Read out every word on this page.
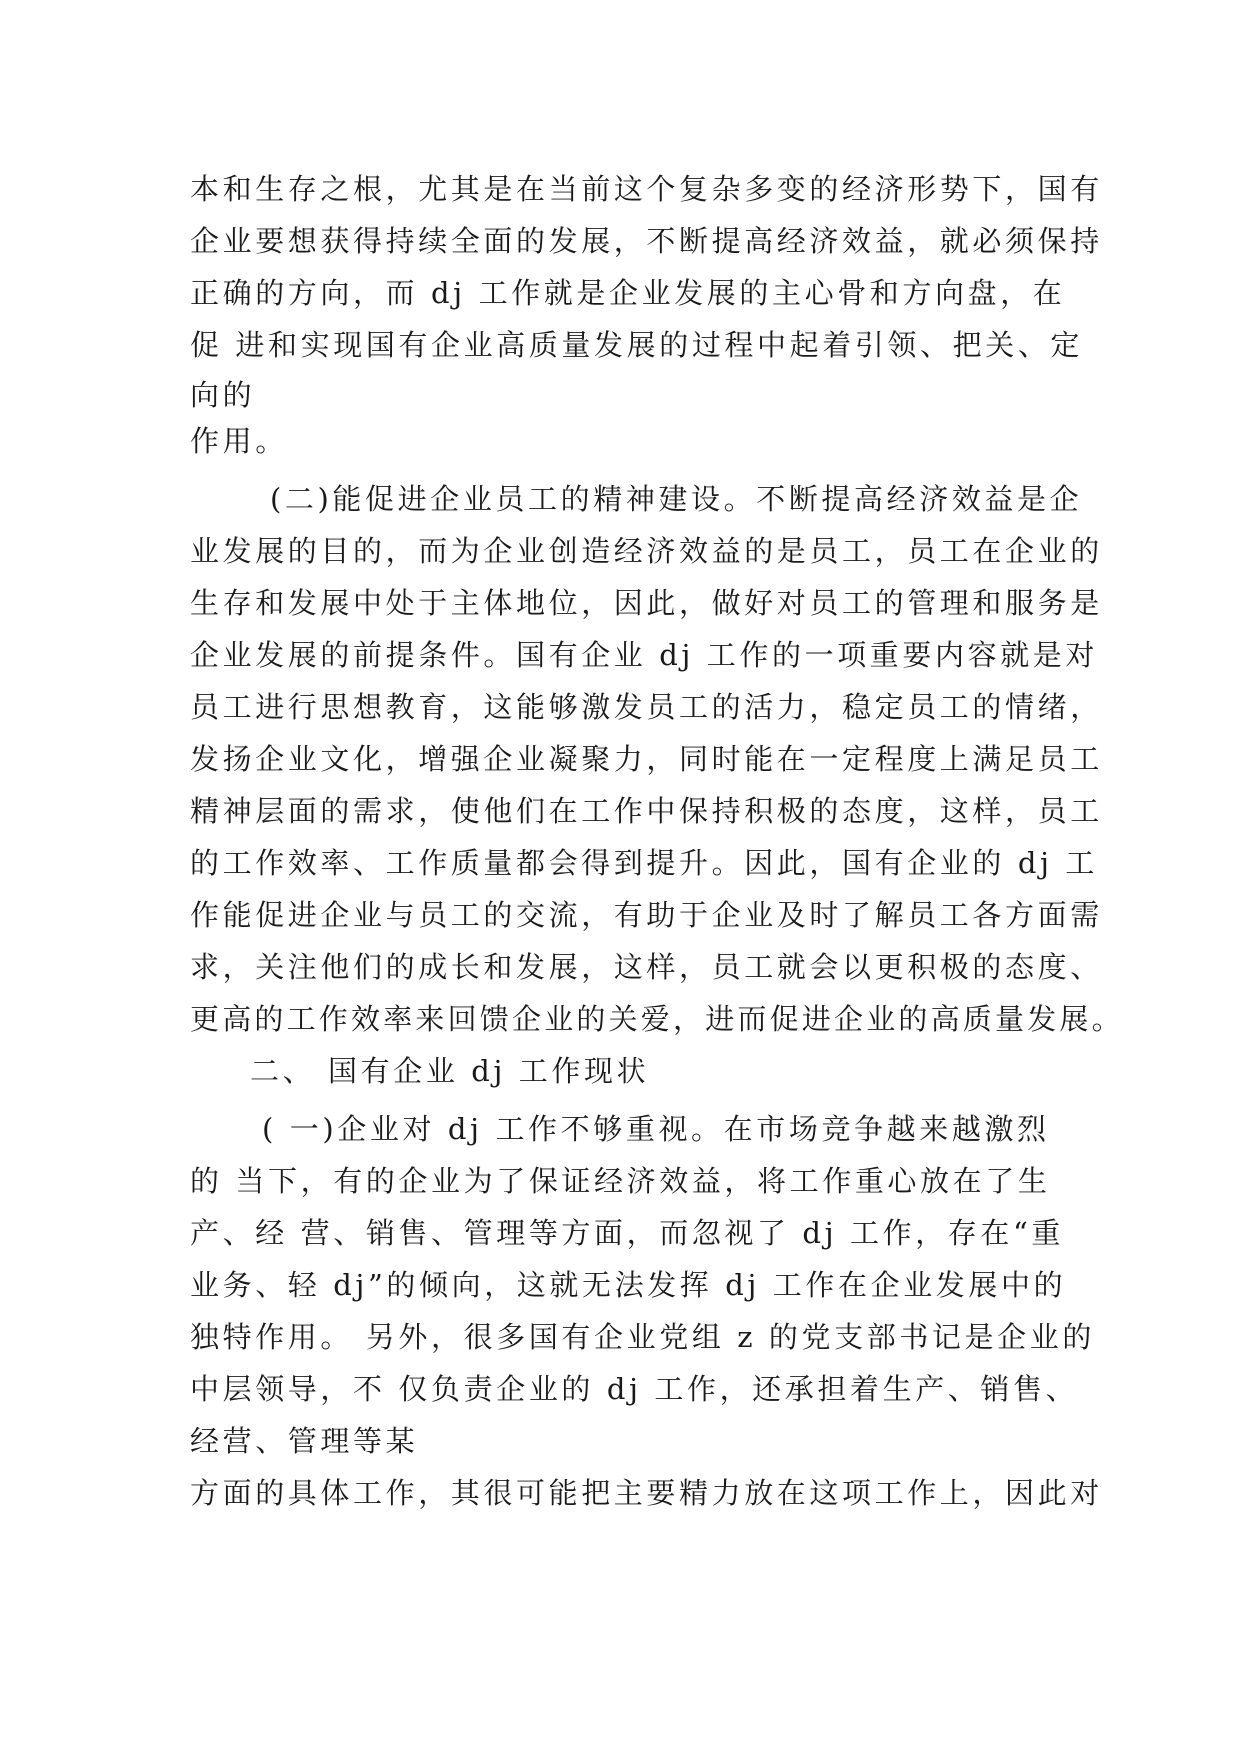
本和生存之根，尤其是在当前这个复杂多变的经济形势下，国有
企业要想获得持续全面的发展，不断提高经济效益，就必须保持
正确的方向，而 dj 工作就是企业发展的主心骨和方向盘，在
促 进和实现国有企业高质量发展的过程中起着引领、把关、定
向的
作用。
(二)能促进企业员工的精神建设。不断提高经济效益是企
业发展的目的，而为企业创造经济效益的是员工，员工在企业的
生存和发展中处于主体地位，因此，做好对员工的管理和服务是
企业发展的前提条件。国有企业 dj 工作的一项重要内容就是对
员工进行思想教育，这能够激发员工的活力，稳定员工的情绪，
发扬企业文化，增强企业凝聚力，同时能在一定程度上满足员工
精神层面的需求，使他们在工作中保持积极的态度，这样，员工
的工作效率、工作质量都会得到提升。因此，国有企业的 dj 工
作能促进企业与员工的交流，有助于企业及时了解员工各方面需
求，关注他们的成长和发展，这样，员工就会以更积极的态度、
更高的工作效率来回馈企业的关爱，进而促进企业的高质量发展。
二、 国有企业 dj 工作现状
( 一)企业对 dj 工作不够重视。在市场竞争越来越激烈
的 当下，有的企业为了保证经济效益，将工作重心放在了生
产、经 营、销售、管理等方面，而忽视了 dj 工作，存在“重
业务、轻 dj”的倾向，这就无法发挥 dj 工作在企业发展中的
独特作用。 另外，很多国有企业党组 z 的党支部书记是企业的
中层领导，不 仅负责企业的 dj 工作，还承担着生产、销售、
经营、管理等某
方面的具体工作，其很可能把主要精力放在这项工作上，因此对
